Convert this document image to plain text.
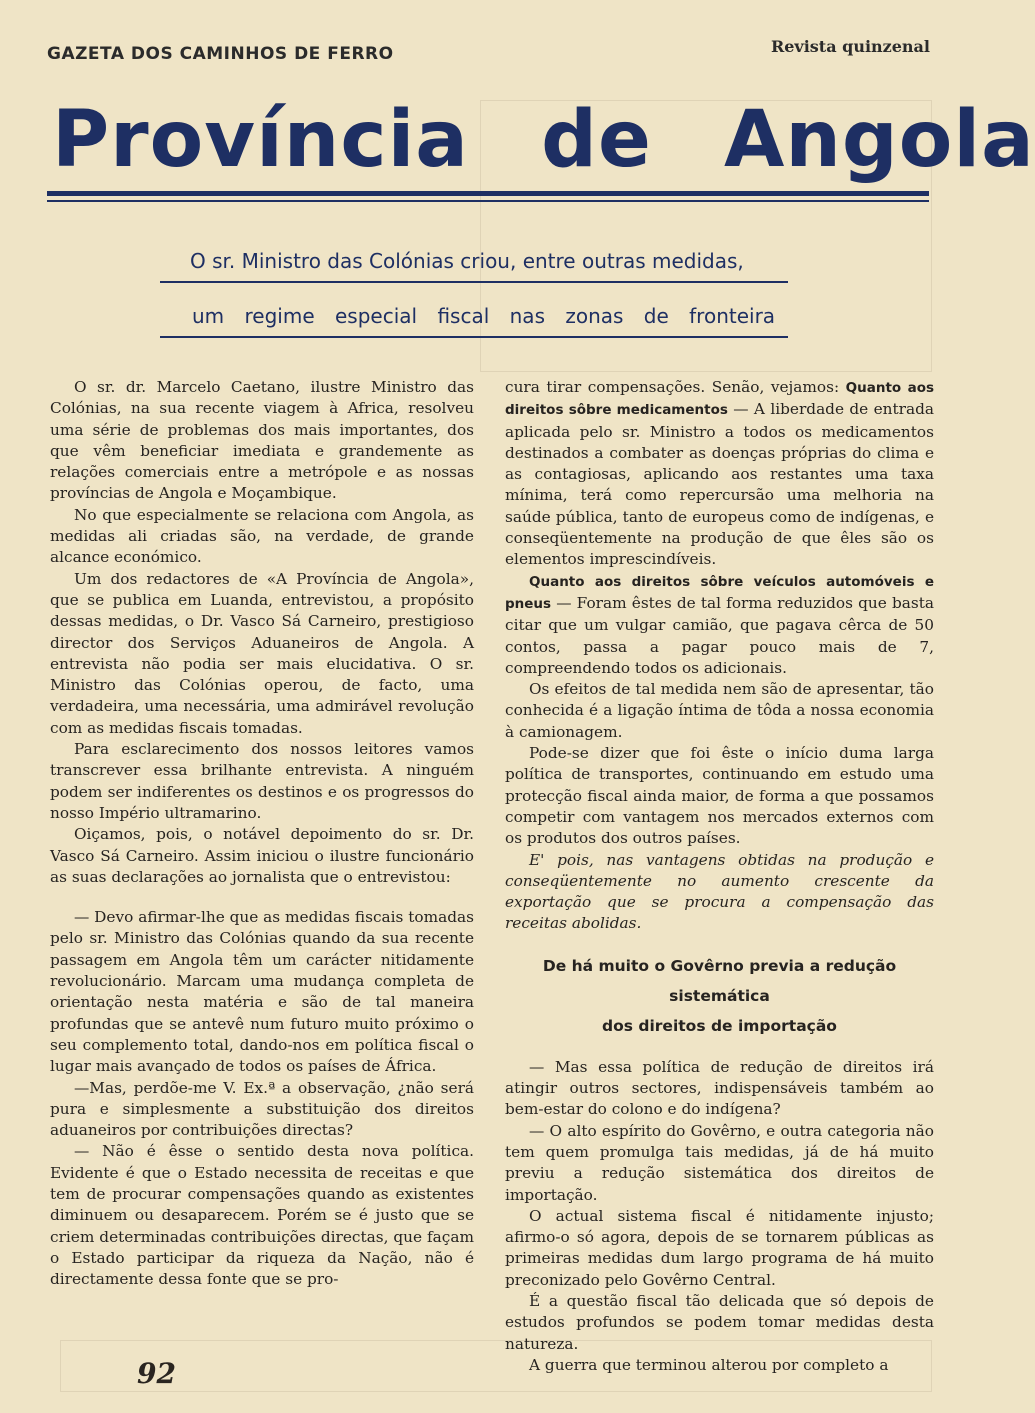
GAZETA DOS CAMINHOS DE FERRO	Revista quinzenal
Província de Angola
O sr. Ministro das Colónias criou, entre outras medidas,
um regime especial fiscal nas zonas de fronteira

O sr. dr. Marcelo Caetano, ilustre Ministro das Colónias, na sua recente viagem à Africa, resolveu uma série de problemas dos mais importantes, dos que vêm beneficiar imediata e grandemente as relações comerciais entre a metrópole e as nossas províncias de Angola e Moçambique.

No que especialmente se relaciona com Angola, as medidas ali criadas são, na verdade, de grande alcance económico.

Um dos redactores de «A Província de Angola», que se publica em Luanda, entrevistou, a propósito dessas medidas, o Dr. Vasco Sá Carneiro, prestigioso director dos Serviços Aduaneiros de Angola. A entrevista não podia ser mais elucidativa. O sr. Ministro das Colónias operou, de facto, uma verdadeira, uma necessária, uma admirável revolução com as medidas fiscais tomadas.

Para esclarecimento dos nossos leitores vamos transcrever essa brilhante entrevista. A ninguém podem ser indiferentes os destinos e os progressos do nosso Império ultramarino.

Oiçamos, pois, o notável depoimento do sr. Dr. Vasco Sá Carneiro. Assim iniciou o ilustre funcionário as suas declarações ao jornalista que o entrevistou:

— Devo afirmar-lhe que as medidas fiscais tomadas pelo sr. Ministro das Colónias quando da sua recente passagem em Angola têm um carácter nitidamente revolucionário. Marcam uma mudança completa de orientação nesta matéria e são de tal maneira profundas que se antevê num futuro muito próximo o seu complemento total, dando-nos em política fiscal o lugar mais avançado de todos os países de África.

—Mas, perdõe-me V. Ex.ª a observação, ¿não será pura e simplesmente a substituição dos direitos aduaneiros por contribuições directas?

— Não é êsse o sentido desta nova política. Evidente é que o Estado necessita de receitas e que tem de procurar compensações quando as existentes diminuem ou desaparecem. Porém se é justo que se criem determinadas contribuições directas, que façam o Estado participar da riqueza da Nação, não é directamente dessa fonte que se pro-

cura tirar compensações. Senão, vejamos: Quanto aos direitos sôbre medicamentos — A liberdade de entrada aplicada pelo sr. Ministro a todos os medicamentos destinados a combater as doenças próprias do clima e as contagiosas, aplicando aos restantes uma taxa mínima, terá como repercursão uma melhoria na saúde pública, tanto de europeus como de indígenas, e conseqüentemente na produção de que êles são os elementos imprescindíveis.

Quanto aos direitos sôbre veículos automóveis e pneus — Foram êstes de tal forma reduzidos que basta citar que um vulgar camião, que pagava cêrca de 50 contos, passa a pagar pouco mais de 7, compreendendo todos os adicionais.

Os efeitos de tal medida nem são de apresentar, tão conhecida é a ligação íntima de tôda a nossa economia à camionagem.

Pode-se dizer que foi êste o início duma larga política de transportes, continuando em estudo uma protecção fiscal ainda maior, de forma a que possamos competir com vantagem nos mercados externos com os produtos dos outros países.

E' pois, nas vantagens obtidas na produção e conseqüentemente no aumento crescente da exportação que se procura a compensação das receitas abolidas.

De há muito o Govêrno previa a redução sistemática
dos direitos de importação

— Mas essa política de redução de direitos irá atingir outros sectores, indispensáveis também ao bem-estar do colono e do indígena?

— O alto espírito do Govêrno, e outra categoria não tem quem promulga tais medidas, já de há muito previu a redução sistemática dos direitos de importação.

O actual sistema fiscal é nitidamente injusto; afirmo-o só agora, depois de se tornarem públicas as primeiras medidas dum largo programa de há muito preconizado pelo Govêrno Central.

É a questão fiscal tão delicada que só depois de estudos profundos se podem tomar medidas desta natureza.

A guerra que terminou alterou por completo a

92
